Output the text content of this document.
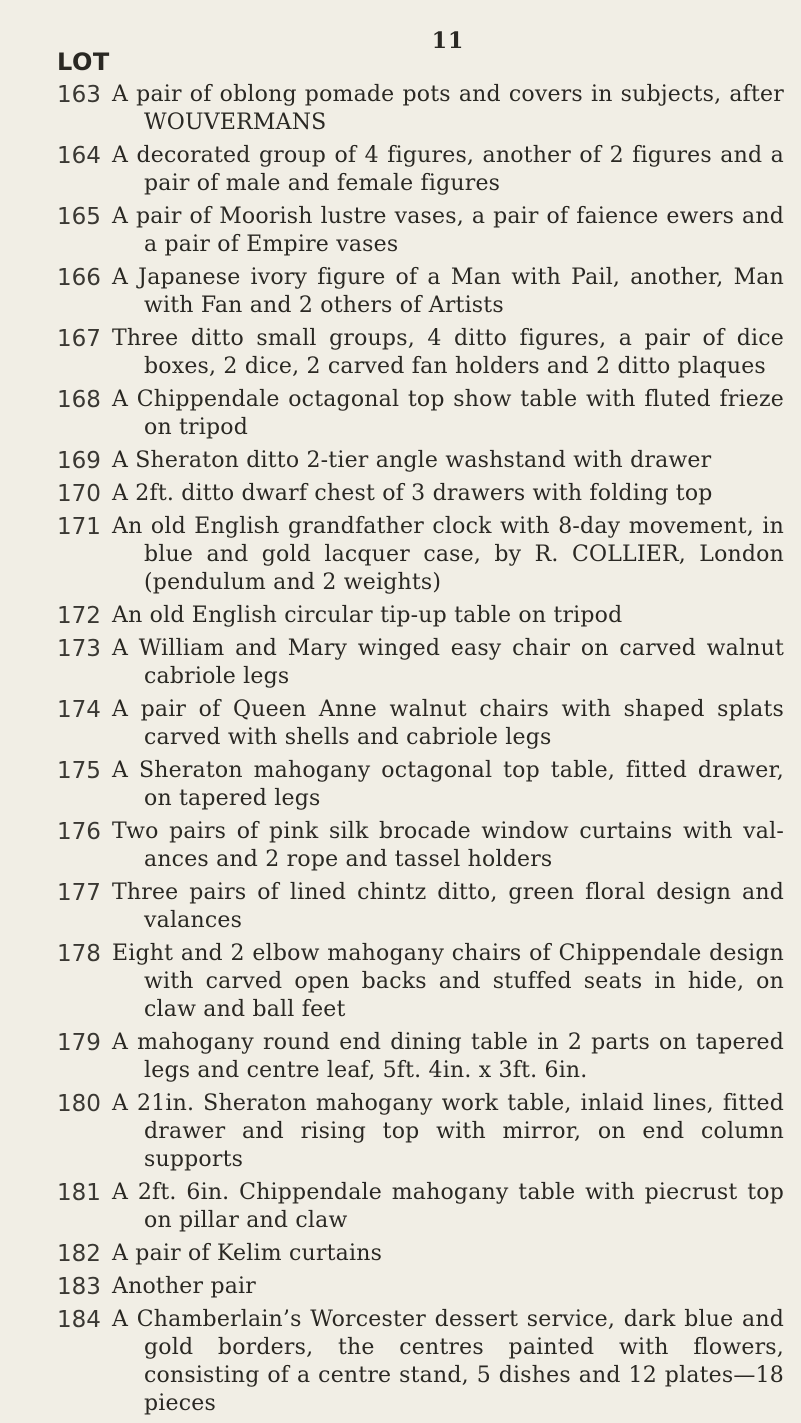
11
LOT
163 A pair of oblong pomade pots and covers in subjects, after WOUVERMANS
164 A decorated group of 4 figures, another of 2 figures and a pair of male and female figures
165 A pair of Moorish lustre vases, a pair of faience ewers and a pair of Empire vases
166 A Japanese ivory figure of a Man with Pail, another, Man with Fan and 2 others of Artists
167 Three ditto small groups, 4 ditto figures, a pair of dice boxes, 2 dice, 2 carved fan holders and 2 ditto plaques
168 A Chippendale octagonal top show table with fluted frieze on tripod
169 A Sheraton ditto 2-tier angle washstand with drawer
170 A 2ft. ditto dwarf chest of 3 drawers with folding top
171 An old English grandfather clock with 8-day movement, in blue and gold lacquer case, by R. COLLIER, London (pendulum and 2 weights)
172 An old English circular tip-up table on tripod
173 A William and Mary winged easy chair on carved walnut cabriole legs
174 A pair of Queen Anne walnut chairs with shaped splats carved with shells and cabriole legs
175 A Sheraton mahogany octagonal top table, fitted drawer, on tapered legs
176 Two pairs of pink silk brocade window curtains with val- ances and 2 rope and tassel holders
177 Three pairs of lined chintz ditto, green floral design and valances
178 Eight and 2 elbow mahogany chairs of Chippendale design with carved open backs and stuffed seats in hide, on claw and ball feet
179 A mahogany round end dining table in 2 parts on tapered legs and centre leaf, 5ft. 4in. x 3ft. 6in.
180 A 21in. Sheraton mahogany work table, inlaid lines, fitted drawer and rising top with mirror, on end column supports
181 A 2ft. 6in. Chippendale mahogany table with piecrust top on pillar and claw
182 A pair of Kelim curtains
183 Another pair
184 A Chamberlain’s Worcester dessert service, dark blue and gold borders, the centres painted with flowers, consisting of a centre stand, 5 dishes and 12 plates—18 pieces
